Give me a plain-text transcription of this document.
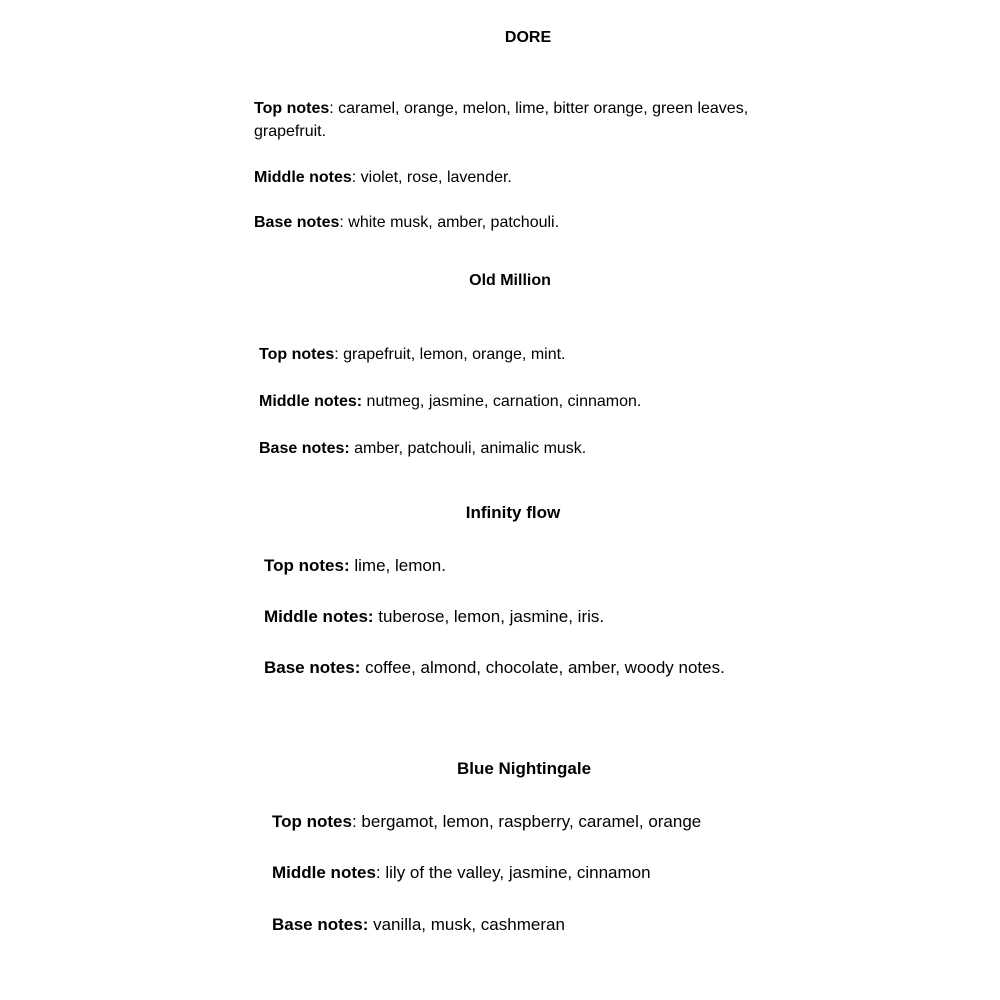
DORE
Top notes: caramel, orange, melon, lime, bitter orange, green leaves, grapefruit.
Middle notes: violet, rose, lavender.
Base notes: white musk, amber, patchouli.
Old Million
Top notes: grapefruit, lemon, orange, mint.
Middle notes: nutmeg, jasmine, carnation, cinnamon.
Base notes: amber, patchouli, animalic musk.
Infinity flow
Top notes: lime, lemon.
Middle notes: tuberose, lemon, jasmine, iris.
Base notes: coffee, almond, chocolate, amber, woody notes.
Blue Nightingale
Top notes: bergamot, lemon, raspberry, caramel, orange
Middle notes: lily of the valley, jasmine, cinnamon
Base notes: vanilla, musk, cashmeran
